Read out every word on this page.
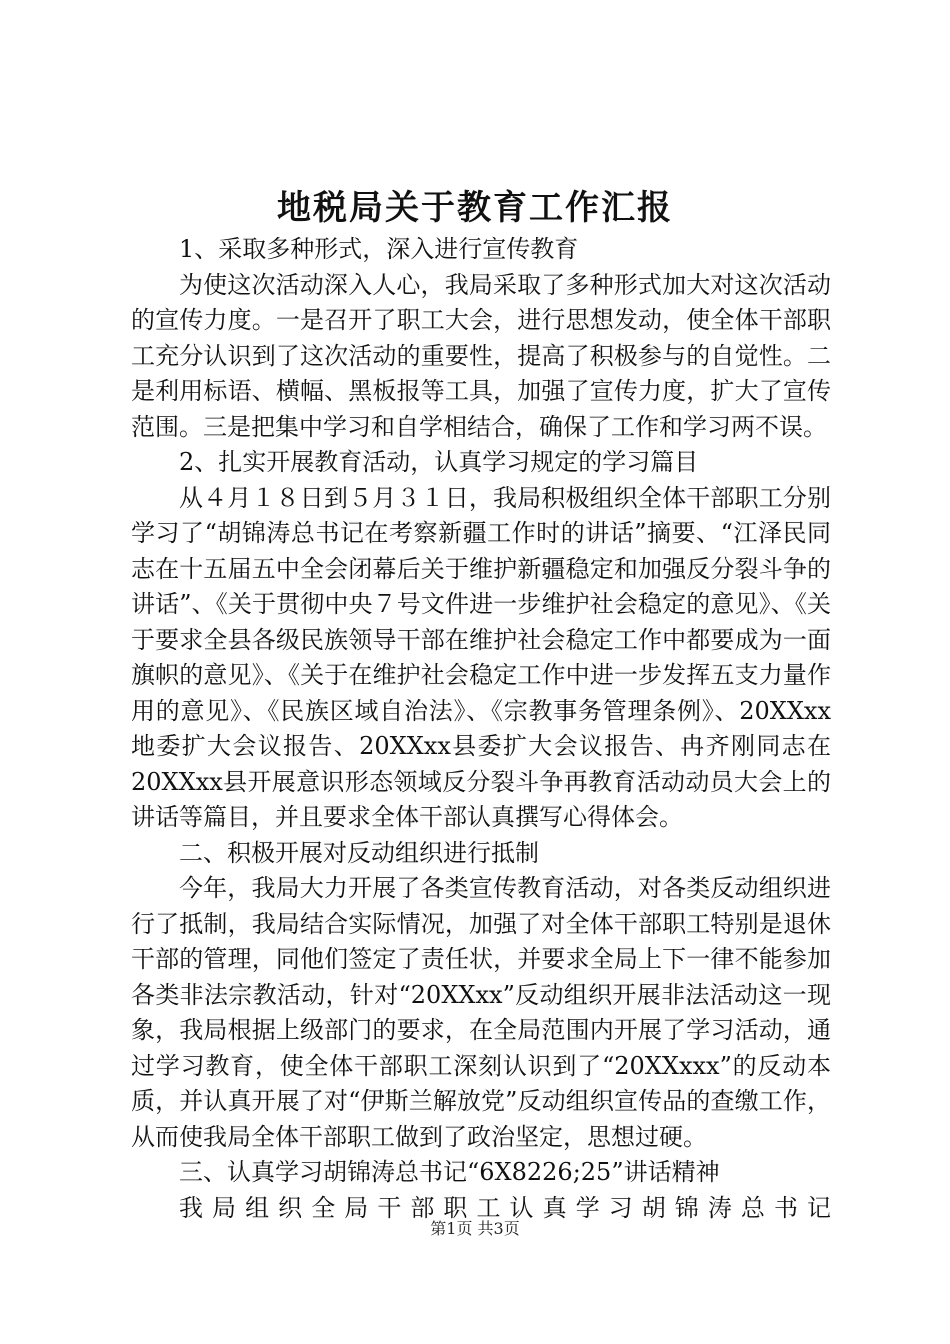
地税局关于教育工作汇报

1、采取多种形式，深入进行宣传教育

为使这次活动深入人心，我局采取了多种形式加大对这次活动的宣传力度。一是召开了职工大会，进行思想发动，使全体干部职工充分认识到了这次活动的重要性，提高了积极参与的自觉性。二是利用标语、横幅、黑板报等工具，加强了宣传力度，扩大了宣传范围。三是把集中学习和自学相结合，确保了工作和学习两不误。

2、扎实开展教育活动，认真学习规定的学习篇目

从４月１８日到５月３１日，我局积极组织全体干部职工分别学习了“胡锦涛总书记在考察新疆工作时的讲话”摘要、“江泽民同志在十五届五中全会闭幕后关于维护新疆稳定和加强反分裂斗争的讲话”、《关于贯彻中央７号文件进一步维护社会稳定的意见》、《关于要求全县各级民族领导干部在维护社会稳定工作中都要成为一面旗帜的意见》、《关于在维护社会稳定工作中进一步发挥五支力量作用的意见》、《民族区域自治法》、《宗教事务管理条例》、20XXxx地委扩大会议报告、20XXxx县委扩大会议报告、冉齐刚同志在20XXxx县开展意识形态领域反分裂斗争再教育活动动员大会上的讲话等篇目，并且要求全体干部认真撰写心得体会。

二、积极开展对反动组织进行抵制

今年，我局大力开展了各类宣传教育活动，对各类反动组织进行了抵制，我局结合实际情况，加强了对全体干部职工特别是退休干部的管理，同他们签定了责任状，并要求全局上下一律不能参加各类非法宗教活动，针对“20XXxx”反动组织开展非法活动这一现象，我局根据上级部门的要求，在全局范围内开展了学习活动，通过学习教育，使全体干部职工深刻认识到了“20XXxxx”的反动本质，并认真开展了对“伊斯兰解放党”反动组织宣传品的查缴工作，从而使我局全体干部职工做到了政治坚定，思想过硬。

三、认真学习胡锦涛总书记“6X8226;25”讲话精神

我局组织全局干部职工认真学习胡锦涛总书记

第1页 共3页
